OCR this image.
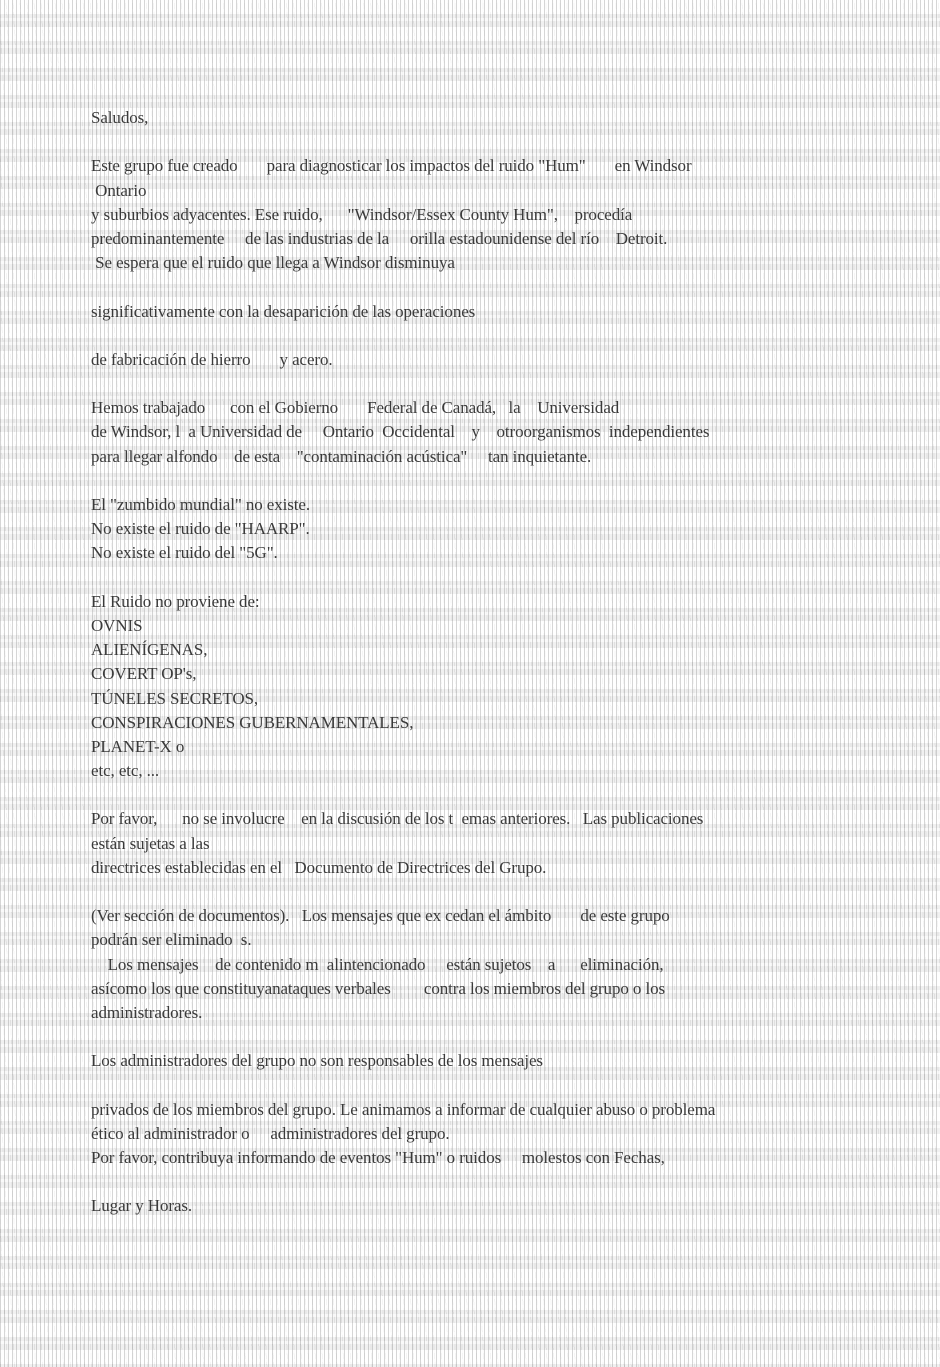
Saludos,
Este grupo fue creado       para diagnosticar los impactos del ruido "Hum"       en Windsor
Ontario
y suburbios adyacentes. Ese ruido,      "Windsor/Essex County Hum",    procedía
predominantemente     de las industrias de la     orilla estadounidense del río    Detroit.
Se espera que el ruido que llega a Windsor disminuya
significativamente con la desaparición de las operaciones
de fabricación de hierro       y acero.
Hemos trabajado      con el Gobierno       Federal de Canadá,   la    Universidad
de Windsor, l  a Universidad de     Ontario  Occidental    y    otroorganismos  independientes
para llegar alfondo    de esta    "contaminación acústica"     tan inquietante.
El "zumbido mundial" no existe.
No existe el ruido de "HAARP".
No existe el ruido del "5G".
El Ruido no proviene de:
OVNIS
ALIENÍGENAS,
COVERT OP's,
TÚNELES SECRETOS,
CONSPIRACIONES GUBERNAMENTALES,
PLANET-X o
etc, etc, ...
Por favor,      no se involucre    en la discusión de los t  emas anteriores.   Las publicaciones
están sujetas a las
directrices establecidas en el   Documento de Directrices del Grupo.
(Ver sección de documentos).   Los mensajes que ex cedan el ámbito       de este grupo
podrán ser eliminado  s.
Los mensajes    de contenido m  alintencionado     están sujetos    a      eliminación,
asícomo los que constituyanataques verbales        contra los miembros del grupo o los
administradores.
Los administradores del grupo no son responsables de los mensajes
privados de los miembros del grupo. Le animamos a informar de cualquier abuso o problema
ético al administrador o     administradores del grupo.
Por favor, contribuya informando de eventos "Hum" o ruidos     molestos con Fechas,
Lugar y Horas.
